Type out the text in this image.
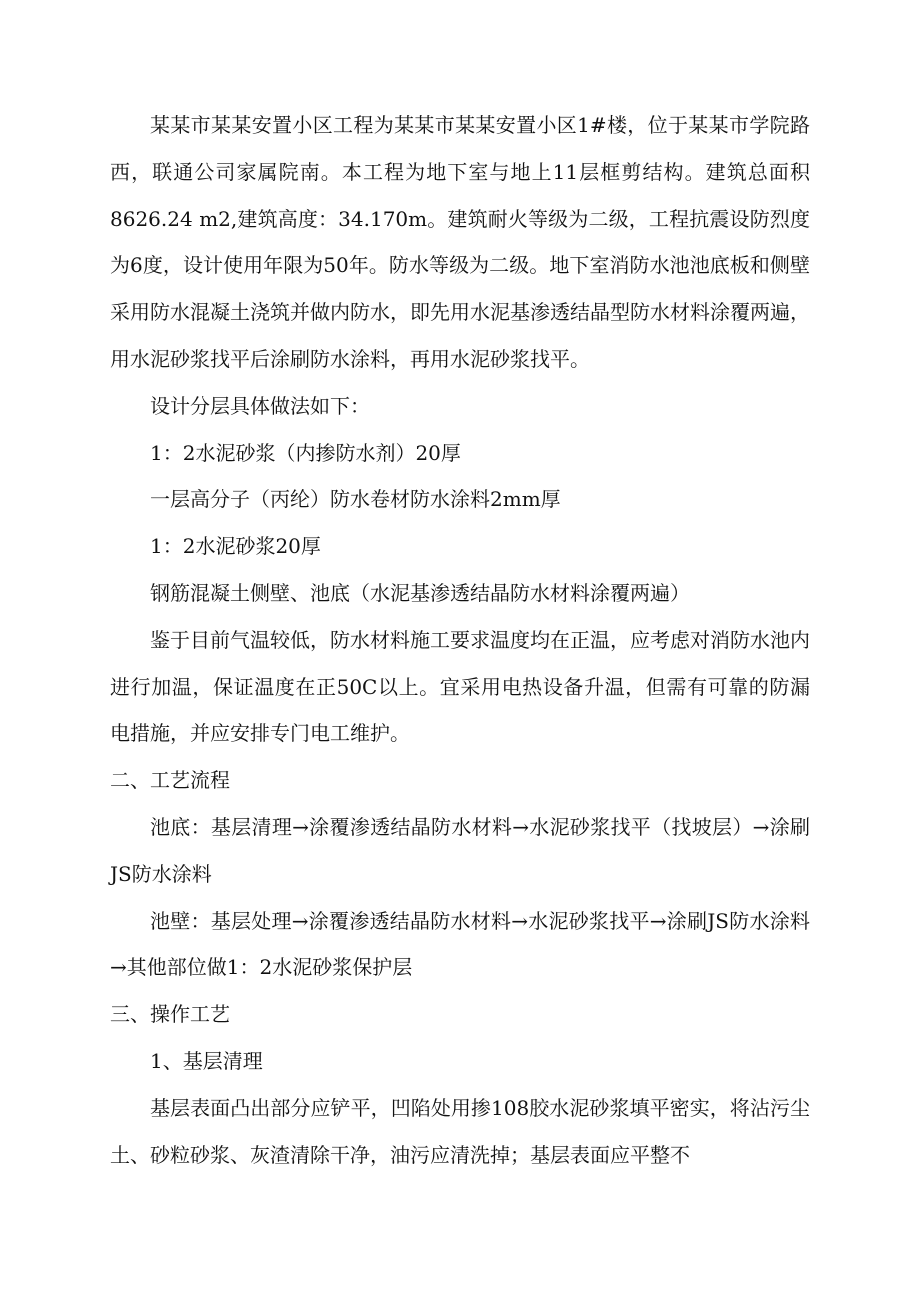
某某市某某安置小区工程为某某市某某安置小区1#楼，位于某某市学院路西，联通公司家属院南。本工程为地下室与地上11层框剪结构。建筑总面积8626.24 m2,建筑高度：34.170m。建筑耐火等级为二级，工程抗震设防烈度为6度，设计使用年限为50年。防水等级为二级。地下室消防水池池底板和侧壁采用防水混凝土浇筑并做内防水，即先用水泥基渗透结晶型防水材料涂覆两遍，用水泥砂浆找平后涂刷防水涂料，再用水泥砂浆找平。

设计分层具体做法如下：

1：2水泥砂浆（内掺防水剂）20厚

一层高分子（丙纶）防水卷材防水涂料2mm厚

1：2水泥砂浆20厚

钢筋混凝土侧壁、池底（水泥基渗透结晶防水材料涂覆两遍）

鉴于目前气温较低，防水材料施工要求温度均在正温，应考虑对消防水池内进行加温，保证温度在正50C以上。宜采用电热设备升温，但需有可靠的防漏电措施，并应安排专门电工维护。

二、工艺流程

池底：基层清理→涂覆渗透结晶防水材料→水泥砂浆找平（找坡层）→涂刷JS防水涂料

池壁：基层处理→涂覆渗透结晶防水材料→水泥砂浆找平→涂刷JS防水涂料→其他部位做1：2水泥砂浆保护层

三、操作工艺

1、基层清理

基层表面凸出部分应铲平，凹陷处用掺108胶水泥砂浆填平密实，将沾污尘土、砂粒砂浆、灰渣清除干净，油污应清洗掉；基层表面应平整不
